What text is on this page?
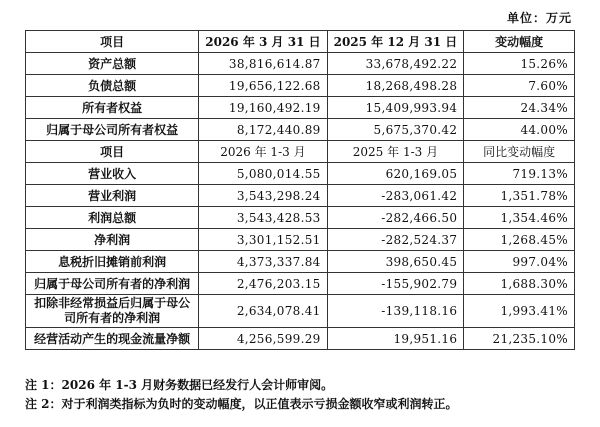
单位：万元
项目	2026 年 3 月 31 日	2025 年 12 月 31 日	变动幅度
资产总额	38,816,614.87	33,678,492.22	15.26%
负债总额	19,656,122.68	18,268,498.28	7.60%
所有者权益	19,160,492.19	15,409,993.94	24.34%
归属于母公司所有者权益	8,172,440.89	5,675,370.42	44.00%
项目	2026 年 1-3 月	2025 年 1-3 月	同比变动幅度
营业收入	5,080,014.55	620,169.05	719.13%
营业利润	3,543,298.24	-283,061.42	1,351.78%
利润总额	3,543,428.53	-282,466.50	1,354.46%
净利润	3,301,152.51	-282,524.37	1,268.45%
息税折旧摊销前利润	4,373,337.84	398,650.45	997.04%
归属于母公司所有者的净利润	2,476,203.15	-155,902.79	1,688.30%
扣除非经常损益后归属于母公司所有者的净利润	2,634,078.41	-139,118.16	1,993.41%
经营活动产生的现金流量净额	4,256,599.29	19,951.16	21,235.10%
注 1：2026 年 1-3 月财务数据已经发行人会计师审阅。
注 2：对于利润类指标为负时的变动幅度，以正值表示亏损金额收窄或利润转正。
